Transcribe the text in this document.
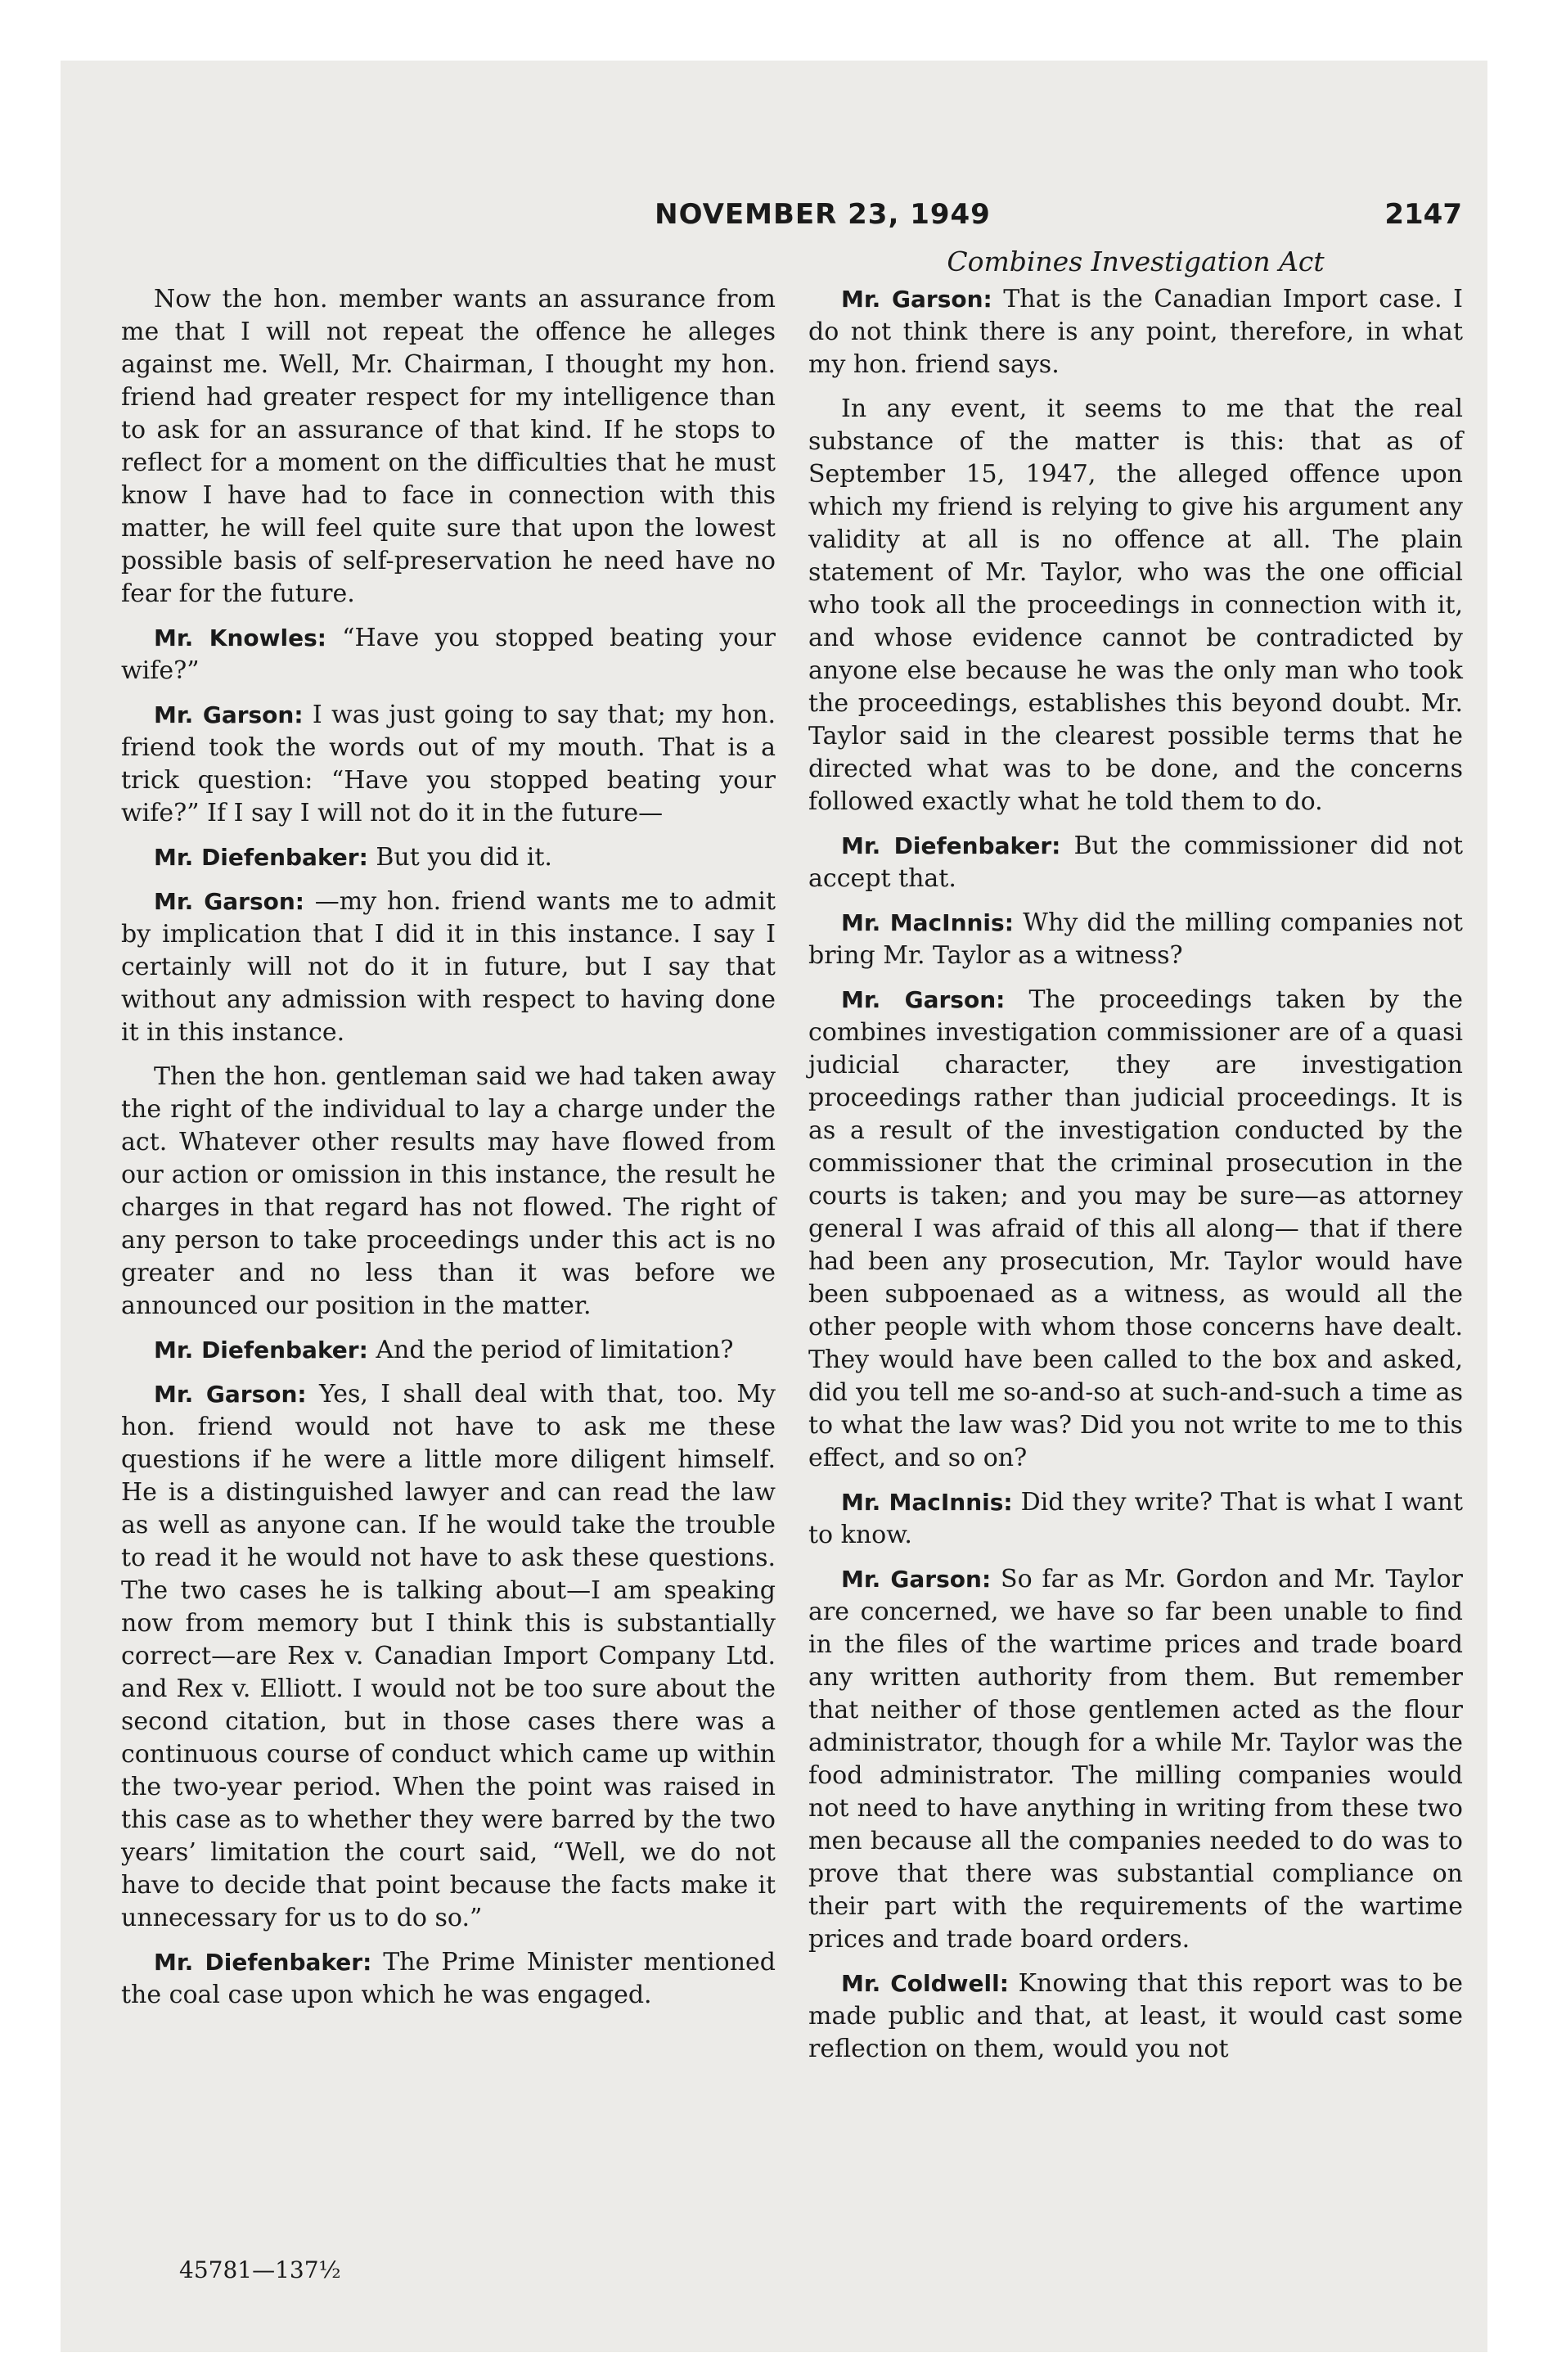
NOVEMBER 23, 1949	2147
Combines Investigation Act

Now the hon. member wants an assurance from me that I will not repeat the offence he alleges against me. Well, Mr. Chairman, I thought my hon. friend had greater respect for my intelligence than to ask for an assurance of that kind. If he stops to reflect for a moment on the difficulties that he must know I have had to face in connection with this matter, he will feel quite sure that upon the lowest possible basis of self-preservation he need have no fear for the future.

Mr. Knowles: “Have you stopped beating your wife?”

Mr. Garson: I was just going to say that; my hon. friend took the words out of my mouth. That is a trick question: “Have you stopped beating your wife?” If I say I will not do it in the future—

Mr. Diefenbaker: But you did it.

Mr. Garson: —my hon. friend wants me to admit by implication that I did it in this instance. I say I certainly will not do it in future, but I say that without any admission with respect to having done it in this instance.

Then the hon. gentleman said we had taken away the right of the individual to lay a charge under the act. Whatever other results may have flowed from our action or omission in this instance, the result he charges in that regard has not flowed. The right of any person to take proceedings under this act is no greater and no less than it was before we announced our position in the matter.

Mr. Diefenbaker: And the period of limitation?

Mr. Garson: Yes, I shall deal with that, too. My hon. friend would not have to ask me these questions if he were a little more diligent himself. He is a distinguished lawyer and can read the law as well as anyone can. If he would take the trouble to read it he would not have to ask these questions. The two cases he is talking about—I am speaking now from memory but I think this is substantially correct—are Rex v. Canadian Import Company Ltd. and Rex v. Elliott. I would not be too sure about the second citation, but in those cases there was a continuous course of conduct which came up within the two-year period. When the point was raised in this case as to whether they were barred by the two years’ limitation the court said, “Well, we do not have to decide that point because the facts make it unnecessary for us to do so.”

Mr. Diefenbaker: The Prime Minister mentioned the coal case upon which he was engaged.

Mr. Garson: That is the Canadian Import case. I do not think there is any point, therefore, in what my hon. friend says.

In any event, it seems to me that the real substance of the matter is this: that as of September 15, 1947, the alleged offence upon which my friend is relying to give his argument any validity at all is no offence at all. The plain statement of Mr. Taylor, who was the one official who took all the proceedings in connection with it, and whose evidence cannot be contradicted by anyone else because he was the only man who took the proceedings, establishes this beyond doubt. Mr. Taylor said in the clearest possible terms that he directed what was to be done, and the concerns followed exactly what he told them to do.

Mr. Diefenbaker: But the commissioner did not accept that.

Mr. MacInnis: Why did the milling companies not bring Mr. Taylor as a witness?

Mr. Garson: The proceedings taken by the combines investigation commissioner are of a quasi judicial character, they are investigation proceedings rather than judicial proceedings. It is as a result of the investigation conducted by the commissioner that the criminal prosecution in the courts is taken; and you may be sure—as attorney general I was afraid of this all along— that if there had been any prosecution, Mr. Taylor would have been subpoenaed as a witness, as would all the other people with whom those concerns have dealt. They would have been called to the box and asked, did you tell me so-and-so at such-and-such a time as to what the law was? Did you not write to me to this effect, and so on?

Mr. MacInnis: Did they write? That is what I want to know.

Mr. Garson: So far as Mr. Gordon and Mr. Taylor are concerned, we have so far been unable to find in the files of the wartime prices and trade board any written authority from them. But remember that neither of those gentlemen acted as the flour administrator, though for a while Mr. Taylor was the food administrator. The milling companies would not need to have anything in writing from these two men because all the companies needed to do was to prove that there was substantial compliance on their part with the requirements of the wartime prices and trade board orders.

Mr. Coldwell: Knowing that this report was to be made public and that, at least, it would cast some reflection on them, would you not

45781—137½
